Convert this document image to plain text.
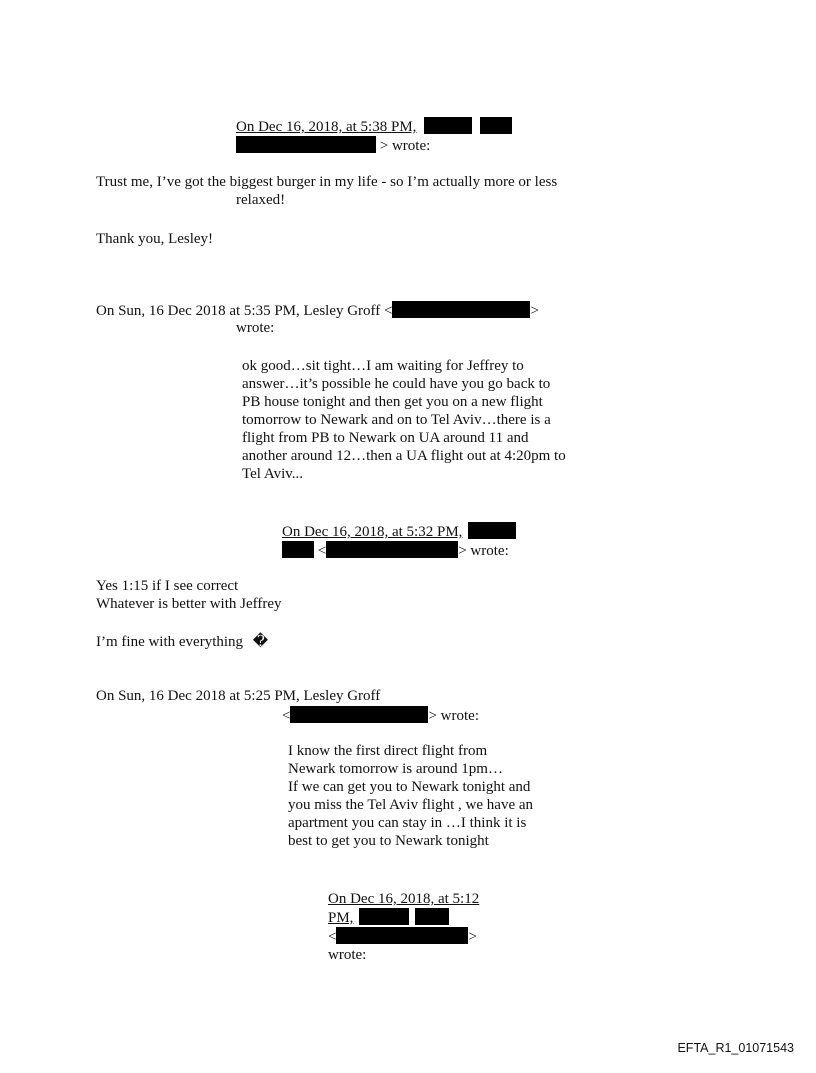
On Dec 16, 2018, at 5:38 PM,
> wrote:
Trust me, I’ve got the biggest burger in my life - so I’m actually more or less
relaxed!
Thank you, Lesley!
On Sun, 16 Dec 2018 at 5:35 PM, Lesley Groff <	>
wrote:
ok good…sit tight…I am waiting for Jeffrey to
answer…it’s possible he could have you go back to
PB house tonight and then get you on a new flight
tomorrow to Newark and on to Tel Aviv…there is a
flight from PB to Newark on UA around 11 and
another around 12…then a UA flight out at 4:20pm to
Tel Aviv...
On Dec 16, 2018, at 5:32 PM,
<	> wrote:
Yes 1:15 if I see correct
Whatever is better with Jeffrey
I’m fine with everything �
On Sun, 16 Dec 2018 at 5:25 PM, Lesley Groff
<	> wrote:
I know the first direct flight from
Newark tomorrow is around 1pm…
If we can get you to Newark tonight and
you miss the Tel Aviv flight , we have an
apartment you can stay in …I think it is
best to get you to Newark tonight
On Dec 16, 2018, at 5:12
PM,
<	>
wrote:
EFTA_R1_01071543
